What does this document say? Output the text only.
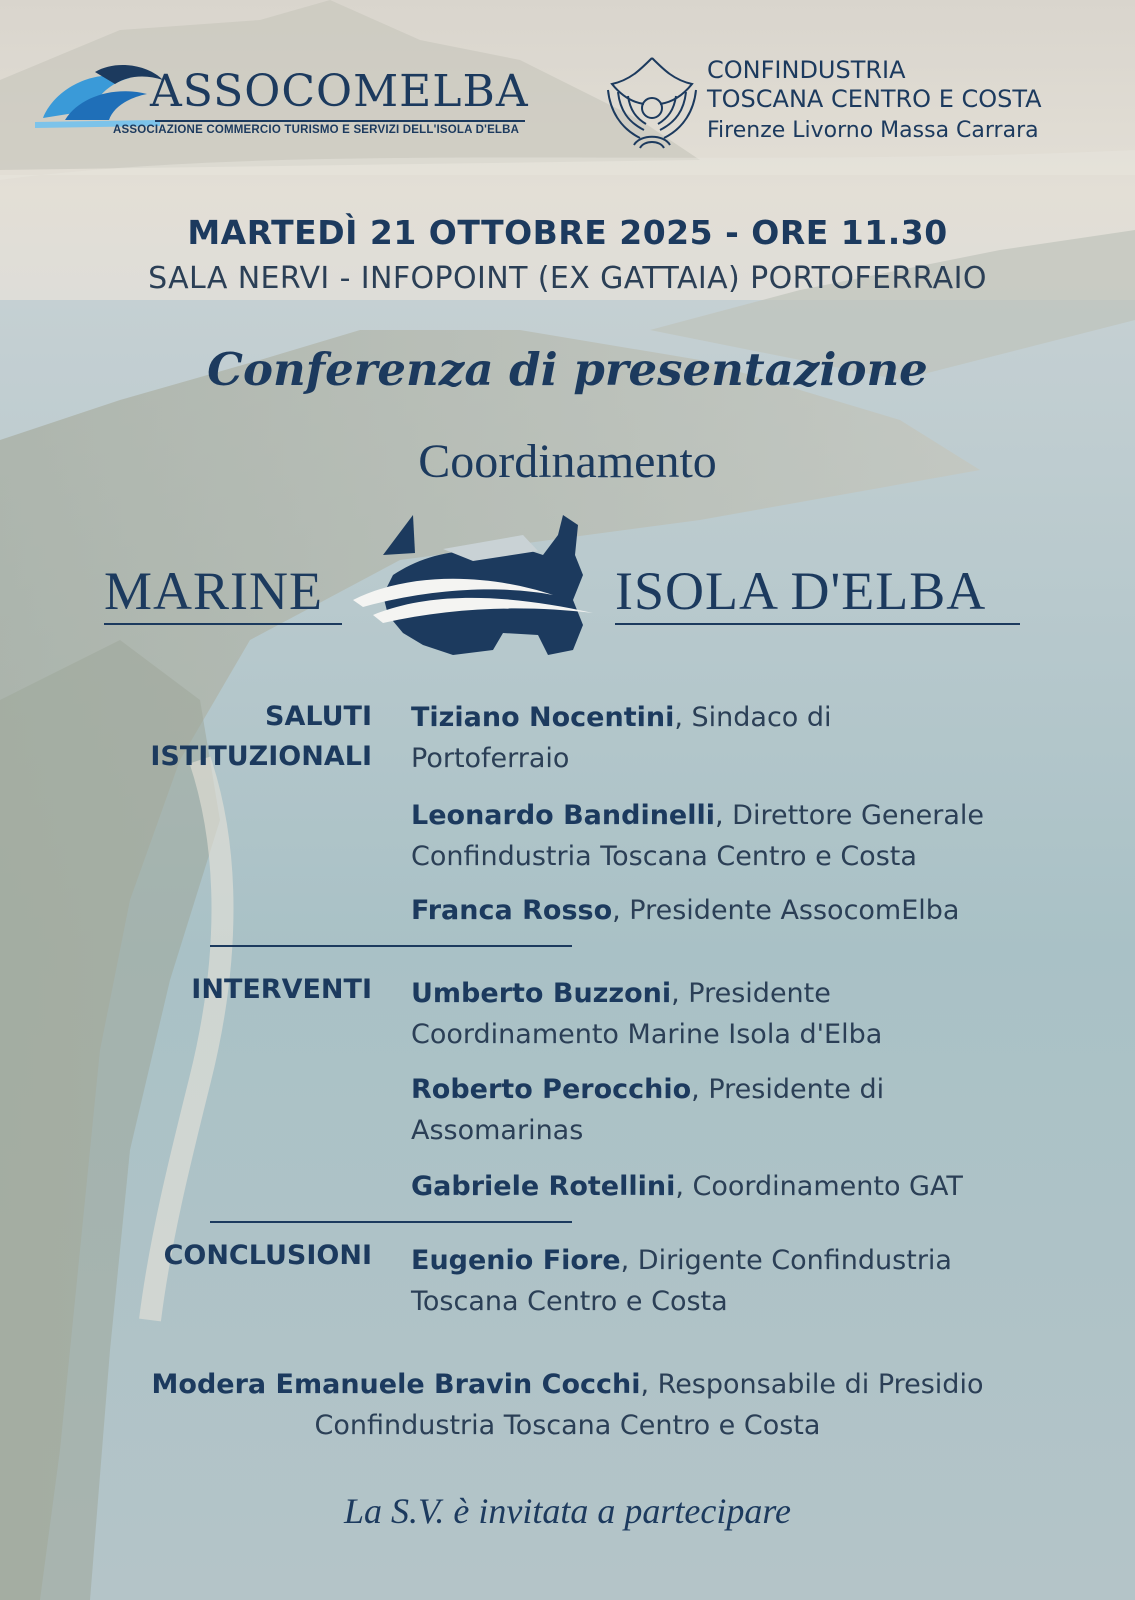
ASSOCOMELBA
ASSOCIAZIONE COMMERCIO TURISMO E SERVIZI DELL'ISOLA D'ELBA
CONFINDUSTRIA
TOSCANA CENTRO E COSTA
Firenze Livorno Massa Carrara
MARTEDÌ 21 OTTOBRE 2025 - ORE 11.30
SALA NERVI - INFOPOINT (EX GATTAIA) PORTOFERRAIO
Conferenza di presentazione
Coordinamento
MARINE	ISOLA D'ELBA
SALUTI
ISTITUZIONALI
Tiziano Nocentini, Sindaco di
Portoferraio
Leonardo Bandinelli, Direttore Generale
Confindustria Toscana Centro e Costa
Franca Rosso, Presidente AssocomElba
INTERVENTI Umberto Buzzoni, Presidente
Coordinamento Marine Isola d'Elba
Roberto Perocchio, Presidente di
Assomarinas
Gabriele Rotellini, Coordinamento GAT
CONCLUSIONI Eugenio Fiore, Dirigente Confindustria
Toscana Centro e Costa
Modera Emanuele Bravin Cocchi, Responsabile di Presidio
Confindustria Toscana Centro e Costa
La S.V. è invitata a partecipare
